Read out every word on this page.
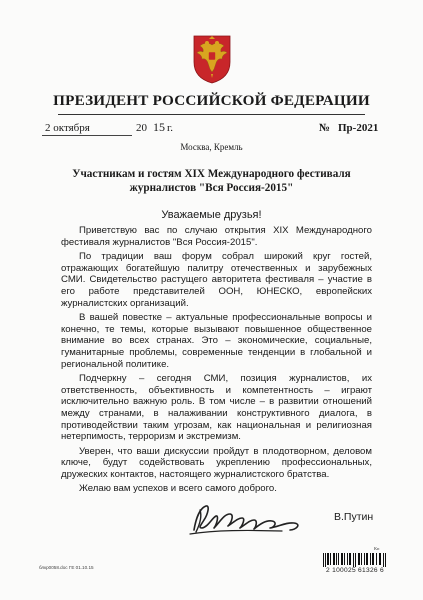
ПРЕЗИДЕНТ РОССИЙСКОЙ ФЕДЕРАЦИИ
2 октября	20 15 г.	№ Пр-2021
Москва, Кремль
Участникам и гостям XIX Международного фестиваля журналистов "Вся Россия-2015"
Уважаемые друзья!

Приветствую вас по случаю открытия XIX Международного фестиваля журналистов "Вся Россия-2015".

По традиции ваш форум собрал широкий круг гостей, отражающих богатейшую палитру отечественных и зарубежных СМИ. Свидетельство растущего авторитета фестиваля – участие в его работе представителей ООН, ЮНЕСКО, европейских журналистских организаций.

В вашей повестке – актуальные профессиональные вопросы и конечно, те темы, которые вызывают повышенное общественное внимание во всех странах. Это – экономические, социальные, гуманитарные проблемы, современные тенденции в глобальной и региональной политике.

Подчеркну – сегодня СМИ, позиция журналистов, их ответственность, объективность и компетентность – играют исключительно важную роль. В том числе – в развитии отношений между странами, в налаживании конструктивного диалога, в противодействии таким угрозам, как национальная и религиозная нетерпимость, терроризм и экстремизм.

Уверен, что ваши дискуссии пройдут в плодотворном, деловом ключе, будут содействовать укреплению профессиональных, дружеских контактов, настоящего журналистского братства.

Желаю вам успехов и всего самого доброго.

В.Путин
блкр0058.doc ГЕ 01.10.15
Кп
2 100025 61326 6
